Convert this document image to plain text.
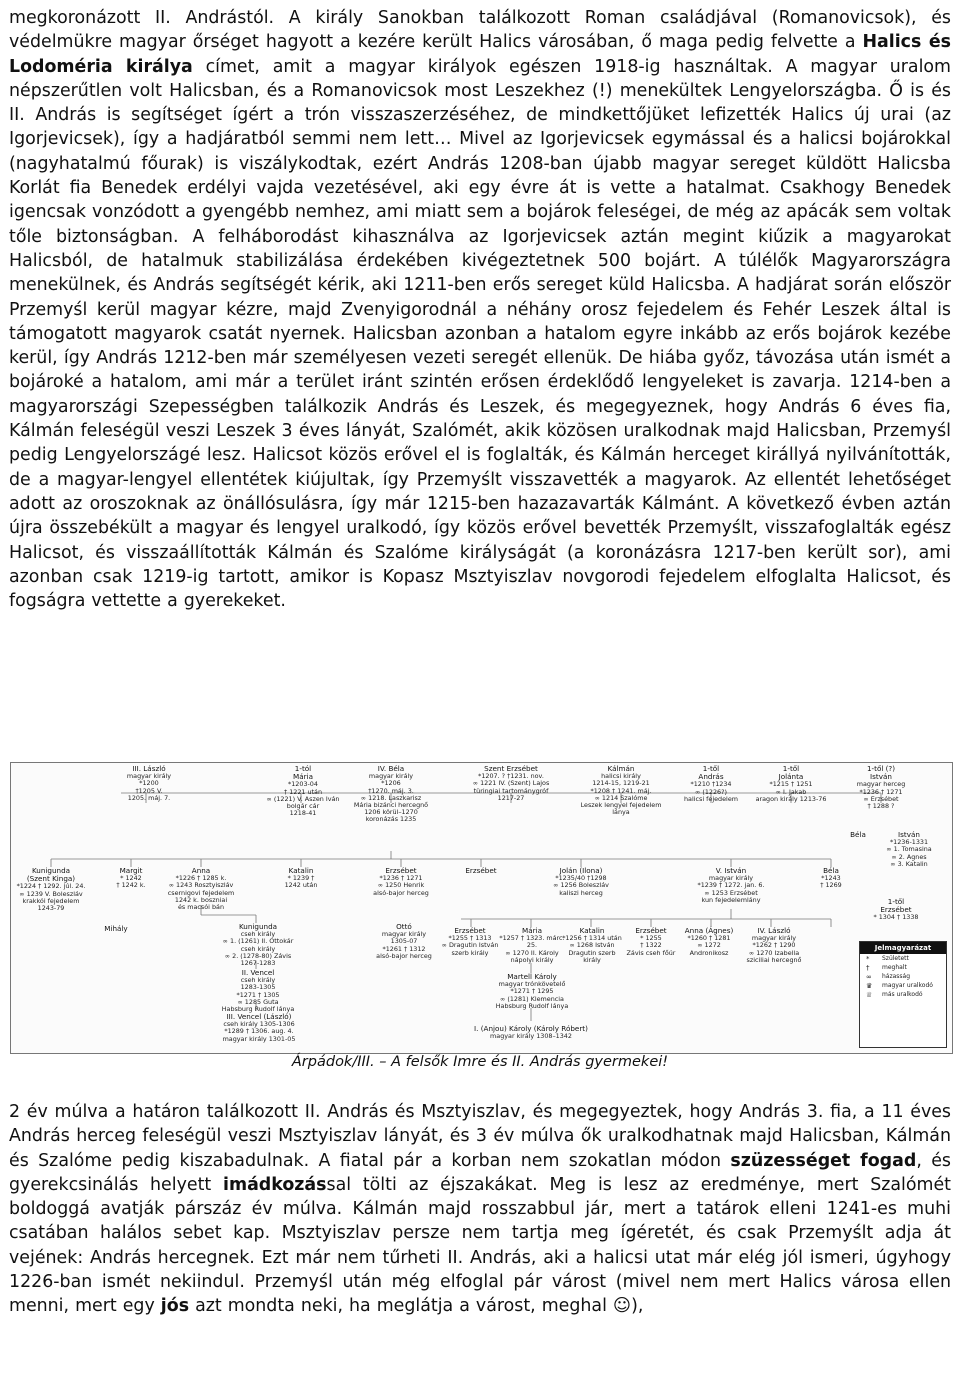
megkoronázott II. Andrástól. A király Sanokban találkozott Roman családjával (Romanovicsok), és védelmükre magyar őrséget hagyott a kezére került Halics városában, ő maga pedig felvette a Halics és Lodoméria királya címet, amit a magyar királyok egészen 1918-ig használtak. A magyar uralom népszerűtlen volt Halicsban, és a Romanovicsok most Leszekhez (!) menekültek Lengyelországba. Ő is és II. András is segítséget ígért a trón visszaszerzéséhez, de mindkettőjüket lefizették Halics új urai (az Igorjevicsek), így a hadjáratból semmi nem lett… Mivel az Igorjevicsek egymással és a halicsi bojárokkal (nagyhatalmú főurak) is viszálykodtak, ezért András 1208-ban újabb magyar sereget küldött Halicsba Korlát fia Benedek erdélyi vajda vezetésével, aki egy évre át is vette a hatalmat. Csakhogy Benedek igencsak vonzódott a gyengébb nemhez, ami miatt sem a bojárok feleségei, de még az apácák sem voltak tőle biztonságban. A felháborodást kihasználva az Igorjevicsek aztán megint kiűzik a magyarokat Halicsból, de hatalmuk stabilizálása érdekében kivégeztetnek 500 bojárt. A túlélők Magyarországra menekülnek, és András segítségét kérik, aki 1211-ben erős sereget küld Halicsba. A hadjárat során először Przemyśl kerül magyar kézre, majd Zvenyigorodnál a néhány orosz fejedelem és Fehér Leszek által is támogatott magyarok csatát nyernek. Halicsban azonban a hatalom egyre inkább az erős bojárok kezébe kerül, így András 1212-ben már személyesen vezeti seregét ellenük. De hiába győz, távozása után ismét a bojároké a hatalom, ami már a terület iránt szintén erősen érdeklődő lengyeleket is zavarja. 1214-ben a magyarországi Szepességben találkozik András és Leszek, és megegyeznek, hogy András 6 éves fia, Kálmán feleségül veszi Leszek 3 éves lányát, Szalómét, akik közösen uralkodnak majd Halicsban, Przemyśl pedig Lengyelországé lesz. Halicsot közös erővel el is foglalták, és Kálmán herceget királlyá nyilvánították, de a magyar-lengyel ellentétek kiújultak, így Przemyślt visszavették a magyarok. Az ellentét lehetőséget adott az oroszoknak az önállósulásra, így már 1215-ben hazazavarták Kálmánt. A következő évben aztán újra összebékült a magyar és lengyel uralkodó, így közös erővel bevették Przemyślt, visszafoglalták egész Halicsot, és visszaállították Kálmán és Szalóme királyságát (a koronázásra 1217-ben került sor), ami azonban csak 1219-ig tartott, amikor is Kopasz Msztyiszlav novgorodi fejedelem elfoglalta Halicsot, és fogságra vettette a gyerekeket.
III. László
magyar király
*1200
†1205 V.
1205. máj. 7.
1-tól
Mária
*1203-04
† 1221 után
∞ (1221) V. Aszen Iván
bolgár cár
1218-41
IV. Béla
magyar király
*1206
†1270. máj. 3.
∞ 1218. Laszkarisz
Mária bizánci hercegnő
1206 körül–1270
koronázás 1235
Szent Erzsébet
*1207. ? †1231. nov.
∞ 1221 IV. (Szent) Lajos
türingiai tartománygróf
1217-27
Kálmán
halicsi király
1214-15, 1219-21
*1208 † 1241. máj.
∞ 1214 Szalóme
Leszek lengyel fejedelem lánya
1-től
András
*1210 †1234
∞ (1226?)
halicsi fejedelem
1-től
Jolánta
*1215 † 1251
∞ I. Jakab
aragon király 1213-76
1-től (?)
István
magyar herceg
*1236 † 1271
∞ Erzsébet
† 1288 ?
Kunigunda
(Szent Kinga)
*1224 † 1292. júl. 24.
∞ 1239 V. Boleszláv
krakkói fejedelem
1243-79
Margit
* 1242
† 1242 k.
Anna
*1226 † 1285 k.
∞ 1243 Rosztyiszláv
csernigovi fejedelem
1242 k. boszniai
és macsói bán
Katalin
* 1239 †
1242 után
Erzsébet
*1236 † 1271
∞ 1250 Henrik
alsó-bajor herceg
Erzsébet	Jolán (Ilona)
*1235/40 †1298
∞ 1256 Boleszláv
kaliszi herceg
V. István
magyar király
*1239 † 1272. jan. 6.
∞ 1253 Erzsébet
kun fejedelemlány
Béla
*1243
† 1269
Béla	István
*1236-1331
∞ 1. Tomasina
∞ 2. Agnes
∞ 3. Katalin
Mihály	Kunigunda
cseh király
∞ 1. (1261) II. Ottokár
cseh király
∞ 2. (1278-80) Závis
1267-1283
Ottó
magyar király
1305-07
*1261 † 1312
alsó-bajor herceg
Erzsébet
*1255 † 1313
∞ Dragutin István
szerb király
Mária
*1257 † 1323. márc. 25.
∞ 1270 II. Károly
nápolyi király
Katalin
*1256 † 1314 után
∞ 1268 István
Dragutin szerb király
Erzsébet
* 1255
† 1322
Závis cseh főúr
Anna (Ágnes)
*1260 † 1281
∞ 1272
Andronikosz
IV. László
magyar király
*1262 † 1290
∞ 1270 Izabella
sziciliai hercegnő
1-től
Erzsébet
* 1304 † 1338
II. Vencel
cseh király
1283-1305
*1271 † 1305
∞ 1285 Guta
Habsburg Rudolf lánya
Martell Károly
magyar trónkövetelő
*1271 † 1295
∞ (1281) Klemencia
Habsburg Rudolf lánya
III. Vencel (László)
cseh király 1305-1306
*1289 † 1306. aug. 4.
magyar király 1301-05
I. (Anjou) Károly (Károly Róbert)
magyar király 1308–1342
Jelmagyarázat
* Született
† meghalt
∞ házasság
♛ magyar uralkodó
♕ más uralkodó
Árpádok/III. – A felsők Imre és II. András gyermekei!
2 év múlva a határon találkozott II. András és Msztyiszlav, és megegyeztek, hogy András 3. fia, a 11 éves András herceg feleségül veszi Msztyiszlav lányát, és 3 év múlva ők uralkodhatnak majd Halicsban, Kálmán és Szalóme pedig kiszabadulnak. A fiatal pár a korban nem szokatlan módon szüzességet fogad, és gyerekcsinálás helyett imádkozással tölti az éjszakákat. Meg is lesz az eredménye, mert Szalómét boldoggá avatják párszáz év múlva. Kálmán majd rosszabbul jár, mert a tatárok elleni 1241-es muhi csatában halálos sebet kap. Msztyiszlav persze nem tartja meg ígéretét, és csak Przemyślt adja át vejének: András hercegnek. Ezt már nem tűrheti II. András, aki a halicsi utat már elég jól ismeri, úgyhogy 1226-ban ismét nekiindul. Przemyśl után még elfoglal pár várost (mivel nem mert Halics városa ellen menni, mert egy jós azt mondta neki, ha meglátja a várost, meghal ☺),
